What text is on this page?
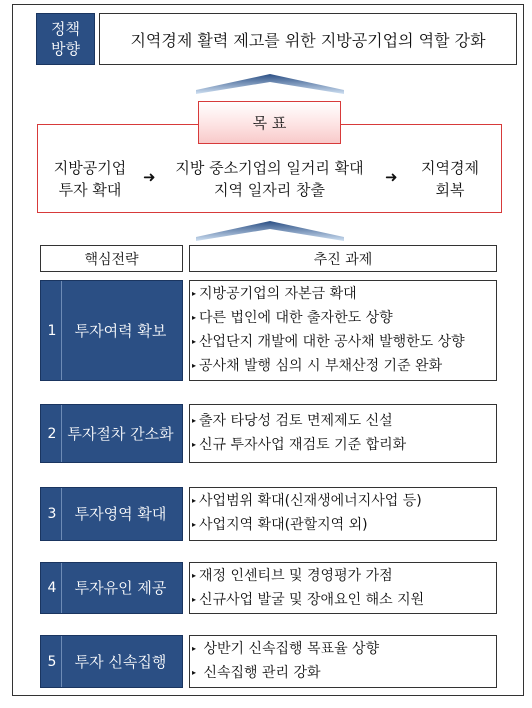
정책
방향	지역경제 활력 제고를 위한 지방공기업의 역할 강화
목 표
지방공기업
투자 확대
➜	지방 중소기업의 일거리 확대
지역 일자리 창출
➜	지역경제
회복
핵심전략	추진 과제
1	투자여력 확보
▸ 지방공기업의 자본금 확대
▸ 다른 법인에 대한 출자한도 상향
▸ 산업단지 개발에 대한 공사채 발행한도 상향
▸ 공사채 발행 심의 시 부채산정 기준 완화
2 투자절차 간소화
▸ 출자 타당성 검토 면제제도 신설
▸ 신규 투자사업 재검토 기준 합리화
3	투자영역 확대
▸ 사업범위 확대(신재생에너지사업 등)
▸ 사업지역 확대(관할지역 외)
4	투자유인 제공
▸ 재정 인센티브 및 경영평가 가점
▸ 신규사업 발굴 및 장애요인 해소 지원
5	투자 신속집행
▸ 상반기 신속집행 목표율 상향
▸ 신속집행 관리 강화
